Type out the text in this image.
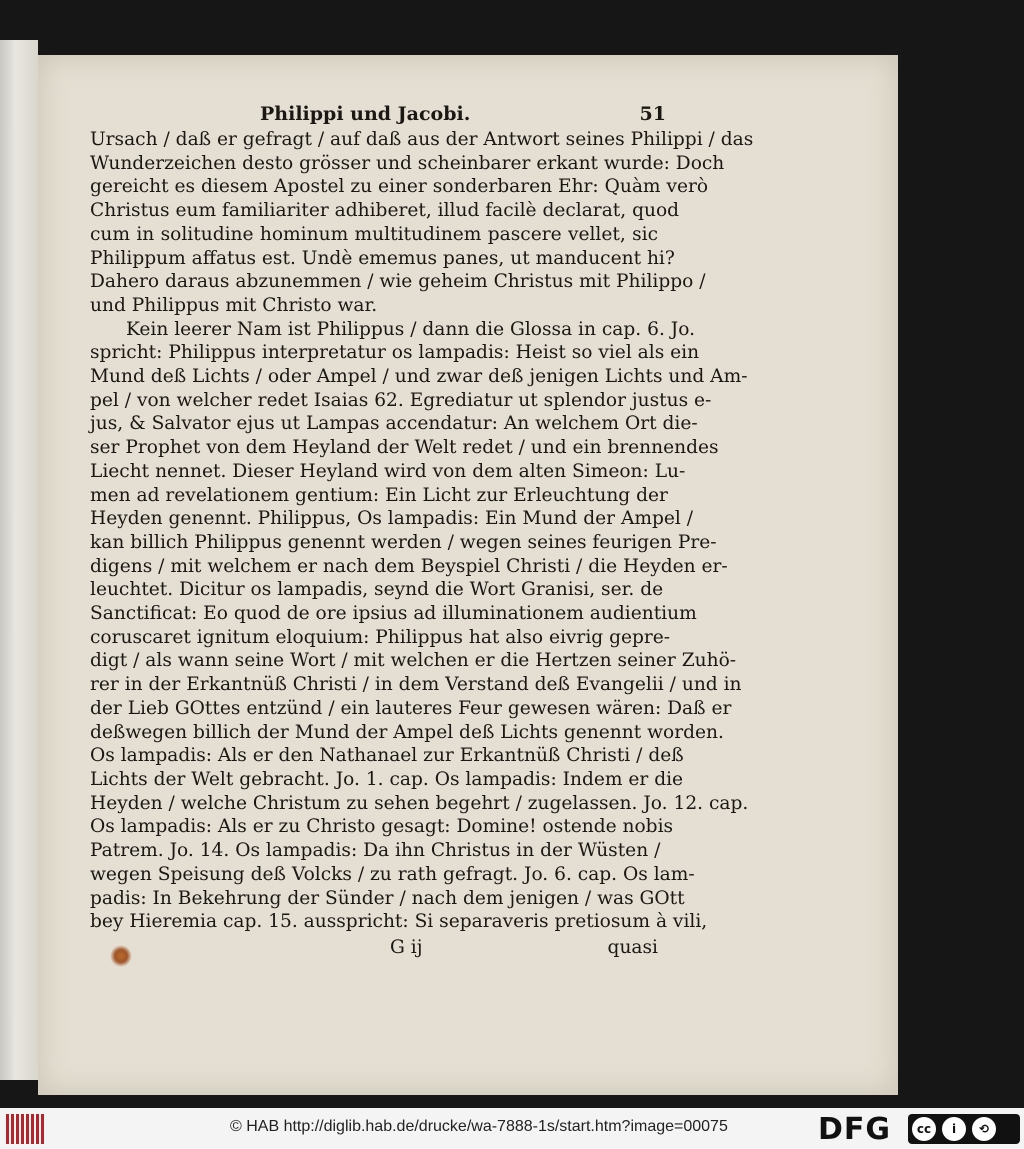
Philippi und Jacobi.	51
Ursach / daß er gefragt / auf daß aus der Antwort seines Philippi / das
Wunderzeichen desto grösser und scheinbarer erkant wurde: Doch
gereicht es diesem Apostel zu einer sonderbaren Ehr: Quàm verò
Christus eum familiariter adhiberet, illud facilè declarat, quod
cum in solitudine hominum multitudinem pascere vellet, sic
Philippum affatus est. Undè ememus panes, ut manducent hi?
Dahero daraus abzunemmen / wie geheim Christus mit Philippo /
und Philippus mit Christo war.
Kein leerer Nam ist Philippus / dann die Glossa in cap. 6. Jo.
spricht: Philippus interpretatur os lampadis: Heist so viel als ein
Mund deß Lichts / oder Ampel / und zwar deß jenigen Lichts und Am-
pel / von welcher redet Isaias 62. Egrediatur ut splendor justus e-
jus, & Salvator ejus ut Lampas accendatur: An welchem Ort die-
ser Prophet von dem Heyland der Welt redet / und ein brennendes
Liecht nennet. Dieser Heyland wird von dem alten Simeon: Lu-
men ad revelationem gentium: Ein Licht zur Erleuchtung der
Heyden genennt. Philippus, Os lampadis: Ein Mund der Ampel /
kan billich Philippus genennt werden / wegen seines feurigen Pre-
digens / mit welchem er nach dem Beyspiel Christi / die Heyden er-
leuchtet. Dicitur os lampadis, seynd die Wort Granisi, ser. de
Sanctificat: Eo quod de ore ipsius ad illuminationem audientium
coruscaret ignitum eloquium: Philippus hat also eivrig gepre-
digt / als wann seine Wort / mit welchen er die Hertzen seiner Zuhö-
rer in der Erkantnüß Christi / in dem Verstand deß Evangelii / und in
der Lieb GOttes entzünd / ein lauteres Feur gewesen wären: Daß er
deßwegen billich der Mund der Ampel deß Lichts genennt worden.
Os lampadis: Als er den Nathanael zur Erkantnüß Christi / deß
Lichts der Welt gebracht. Jo. 1. cap. Os lampadis: Indem er die
Heyden / welche Christum zu sehen begehrt / zugelassen. Jo. 12. cap.
Os lampadis: Als er zu Christo gesagt: Domine! ostende nobis
Patrem. Jo. 14. Os lampadis: Da ihn Christus in der Wüsten /
wegen Speisung deß Volcks / zu rath gefragt. Jo. 6. cap. Os lam-
padis: In Bekehrung der Sünder / nach dem jenigen / was GOtt
bey Hieremia cap. 15. ausspricht: Si separaveris pretiosum à vili,
G ij	quasi
© HAB http://diglib.hab.de/drucke/wa-7888-1s/start.htm?image=00075	DFG	cc	i	⟲
